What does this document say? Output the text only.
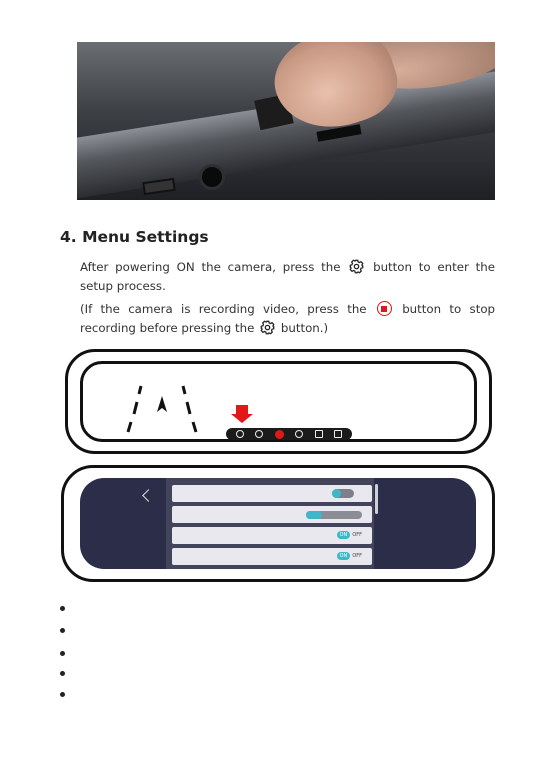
4. Menu Settings

After powering ON the camera, press the	button to enter the setup process.

(If the camera is recording video, press the	button to stop recording before pressing the button.)

ON	OFF
ON	OFF
